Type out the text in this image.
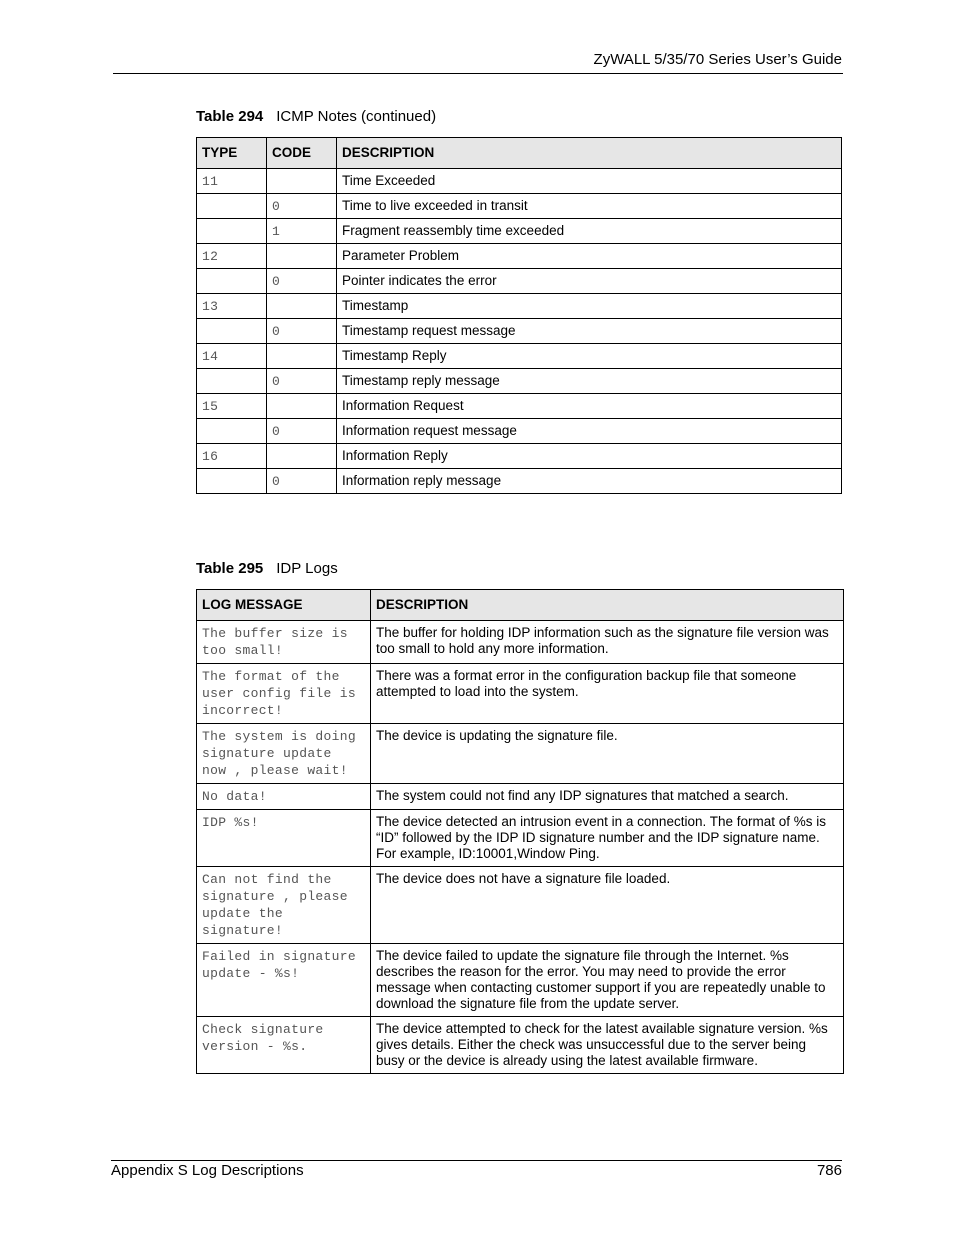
ZyWALL 5/35/70 Series User’s Guide
Table 294 ICMP Notes (continued)
TYPE	CODE	DESCRIPTION
11		Time Exceeded
	0	Time to live exceeded in transit
	1	Fragment reassembly time exceeded
12		Parameter Problem
	0	Pointer indicates the error
13		Timestamp
	0	Timestamp request message
14		Timestamp Reply
	0	Timestamp reply message
15		Information Request
	0	Information request message
16		Information Reply
	0	Information reply message
Table 295 IDP Logs
LOG MESSAGE	DESCRIPTION

The buffer size is
too small!	The buffer for holding IDP information such as the signature file version was too small to hold any more information.

The format of the
user config file is
incorrect!	There was a format error in the configuration backup file that someone attempted to load into the system.

The system is doing
signature update
now , please wait!	The device is updating the signature file.

No data!	The system could not find any IDP signatures that matched a search.

IDP %s!	The device detected an intrusion event in a connection. The format of %s is “ID” followed by the IDP ID signature number and the IDP signature name. For example, ID:10001,Window Ping.

Can not find the
signature , please
update the
signature!	The device does not have a signature file loaded.

Failed in signature
update - %s!	The device failed to update the signature file through the Internet. %s describes the reason for the error. You may need to provide the error message when contacting customer support if you are repeatedly unable to download the signature file from the update server.

Check signature
version - %s.	The device attempted to check for the latest available signature version. %s gives details. Either the check was unsuccessful due to the server being busy or the device is already using the latest available firmware.
Appendix S Log Descriptions	786
